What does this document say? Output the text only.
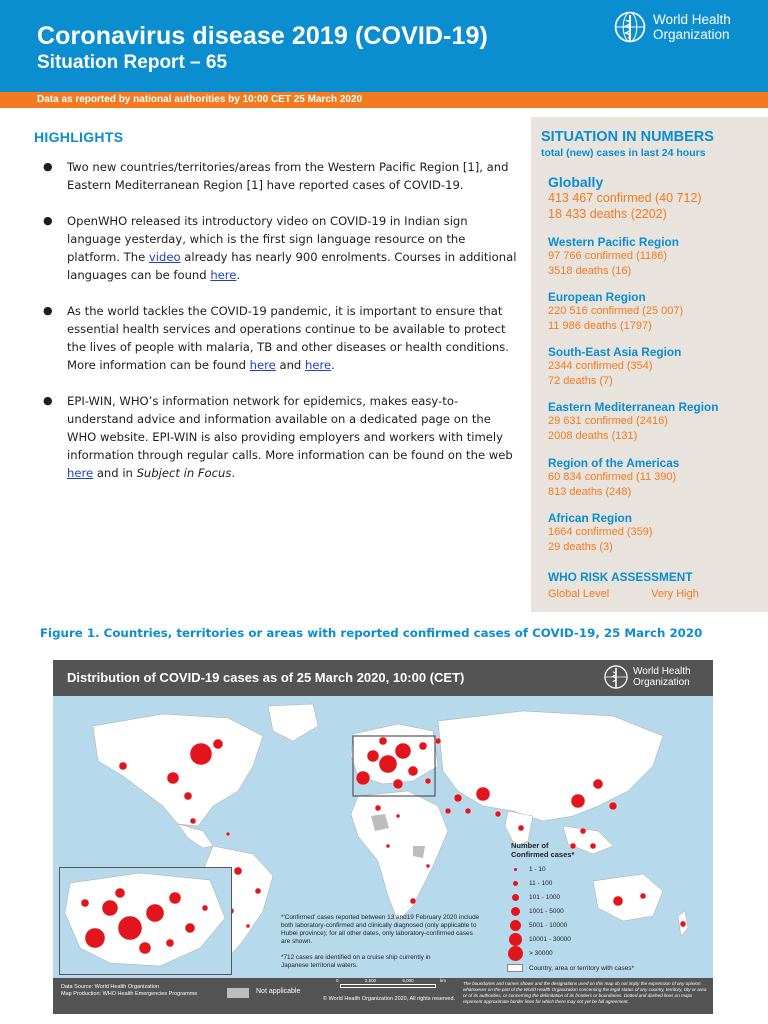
Coronavirus disease 2019 (COVID-19)
Situation Report – 65
World Health
Organization
Data as reported by national authorities by 10:00 CET 25 March 2020
HIGHLIGHTS
● Two new countries/territories/areas from the Western Pacific Region [1], and Eastern Mediterranean Region [1] have reported cases of COVID-19.
● OpenWHO released its introductory video on COVID-19 in Indian sign language yesterday, which is the first sign language resource on the platform. The video already has nearly 900 enrolments. Courses in additional languages can be found here.
● As the world tackles the COVID-19 pandemic, it is important to ensure that essential health services and operations continue to be available to protect the lives of people with malaria, TB and other diseases or health conditions. More information can be found here and here.
● EPI-WIN, WHO’s information network for epidemics, makes easy-to-understand advice and information available on a dedicated page on the WHO website. EPI-WIN is also providing employers and workers with timely information through regular calls. More information can be found on the web here and in Subject in Focus.
SITUATION IN NUMBERS
total (new) cases in last 24 hours
Globally
413 467 confirmed (40 712)
18 433 deaths (2202)
Western Pacific Region
97 766 confirmed (1186)
3518 deaths (16)
European Region
220 516 confirmed (25 007)
11 986 deaths (1797)
South-East Asia Region
2344 confirmed (354)
72 deaths (7)
Eastern Mediterranean Region
29 631 confirmed (2416)
2008 deaths (131)
Region of the Americas
60 834 confirmed (11 390)
813 deaths (248)
African Region
1664 confirmed (359)
29 deaths (3)
WHO RISK ASSESSMENT
Global Level	Very High
Figure 1. Countries, territories or areas with reported confirmed cases of COVID-19, 25 March 2020
Distribution of COVID-19 cases as of 25 March 2020, 10:00 (CET)	World Health
Organization
*'Confirmed' cases reported between 13 and19 February 2020 include both laboratory-confirmed and clinically diagnosed (only applicable to Hubei province); for all other dates, only laboratory-confirmed cases are shown.
*712 cases are identified on a cruise ship currently in Japanese territorial waters.
Number of
Confirmed cases*
1 - 10
11 - 100
101 - 1000
1001 - 5000
5001 - 10000
10001 - 30000
> 30000
Country, area or territory with cases*
Data Source: World Health Organization
Map Production: WHO Health Emergencies Programme	Not applicable
0	2,500	5,000	km
© World Health Organization 2020, All rights reserved.
The boundaries and names shown and the designations used on this map do not imply the expression of any opinion whatsoever on the part of the World Health Organization concerning the legal status of any country, territory, city or area or of its authorities, or concerning the delimitation of its frontiers or boundaries. Dotted and dashed lines on maps represent approximate border lines for which there may not yet be full agreement.
